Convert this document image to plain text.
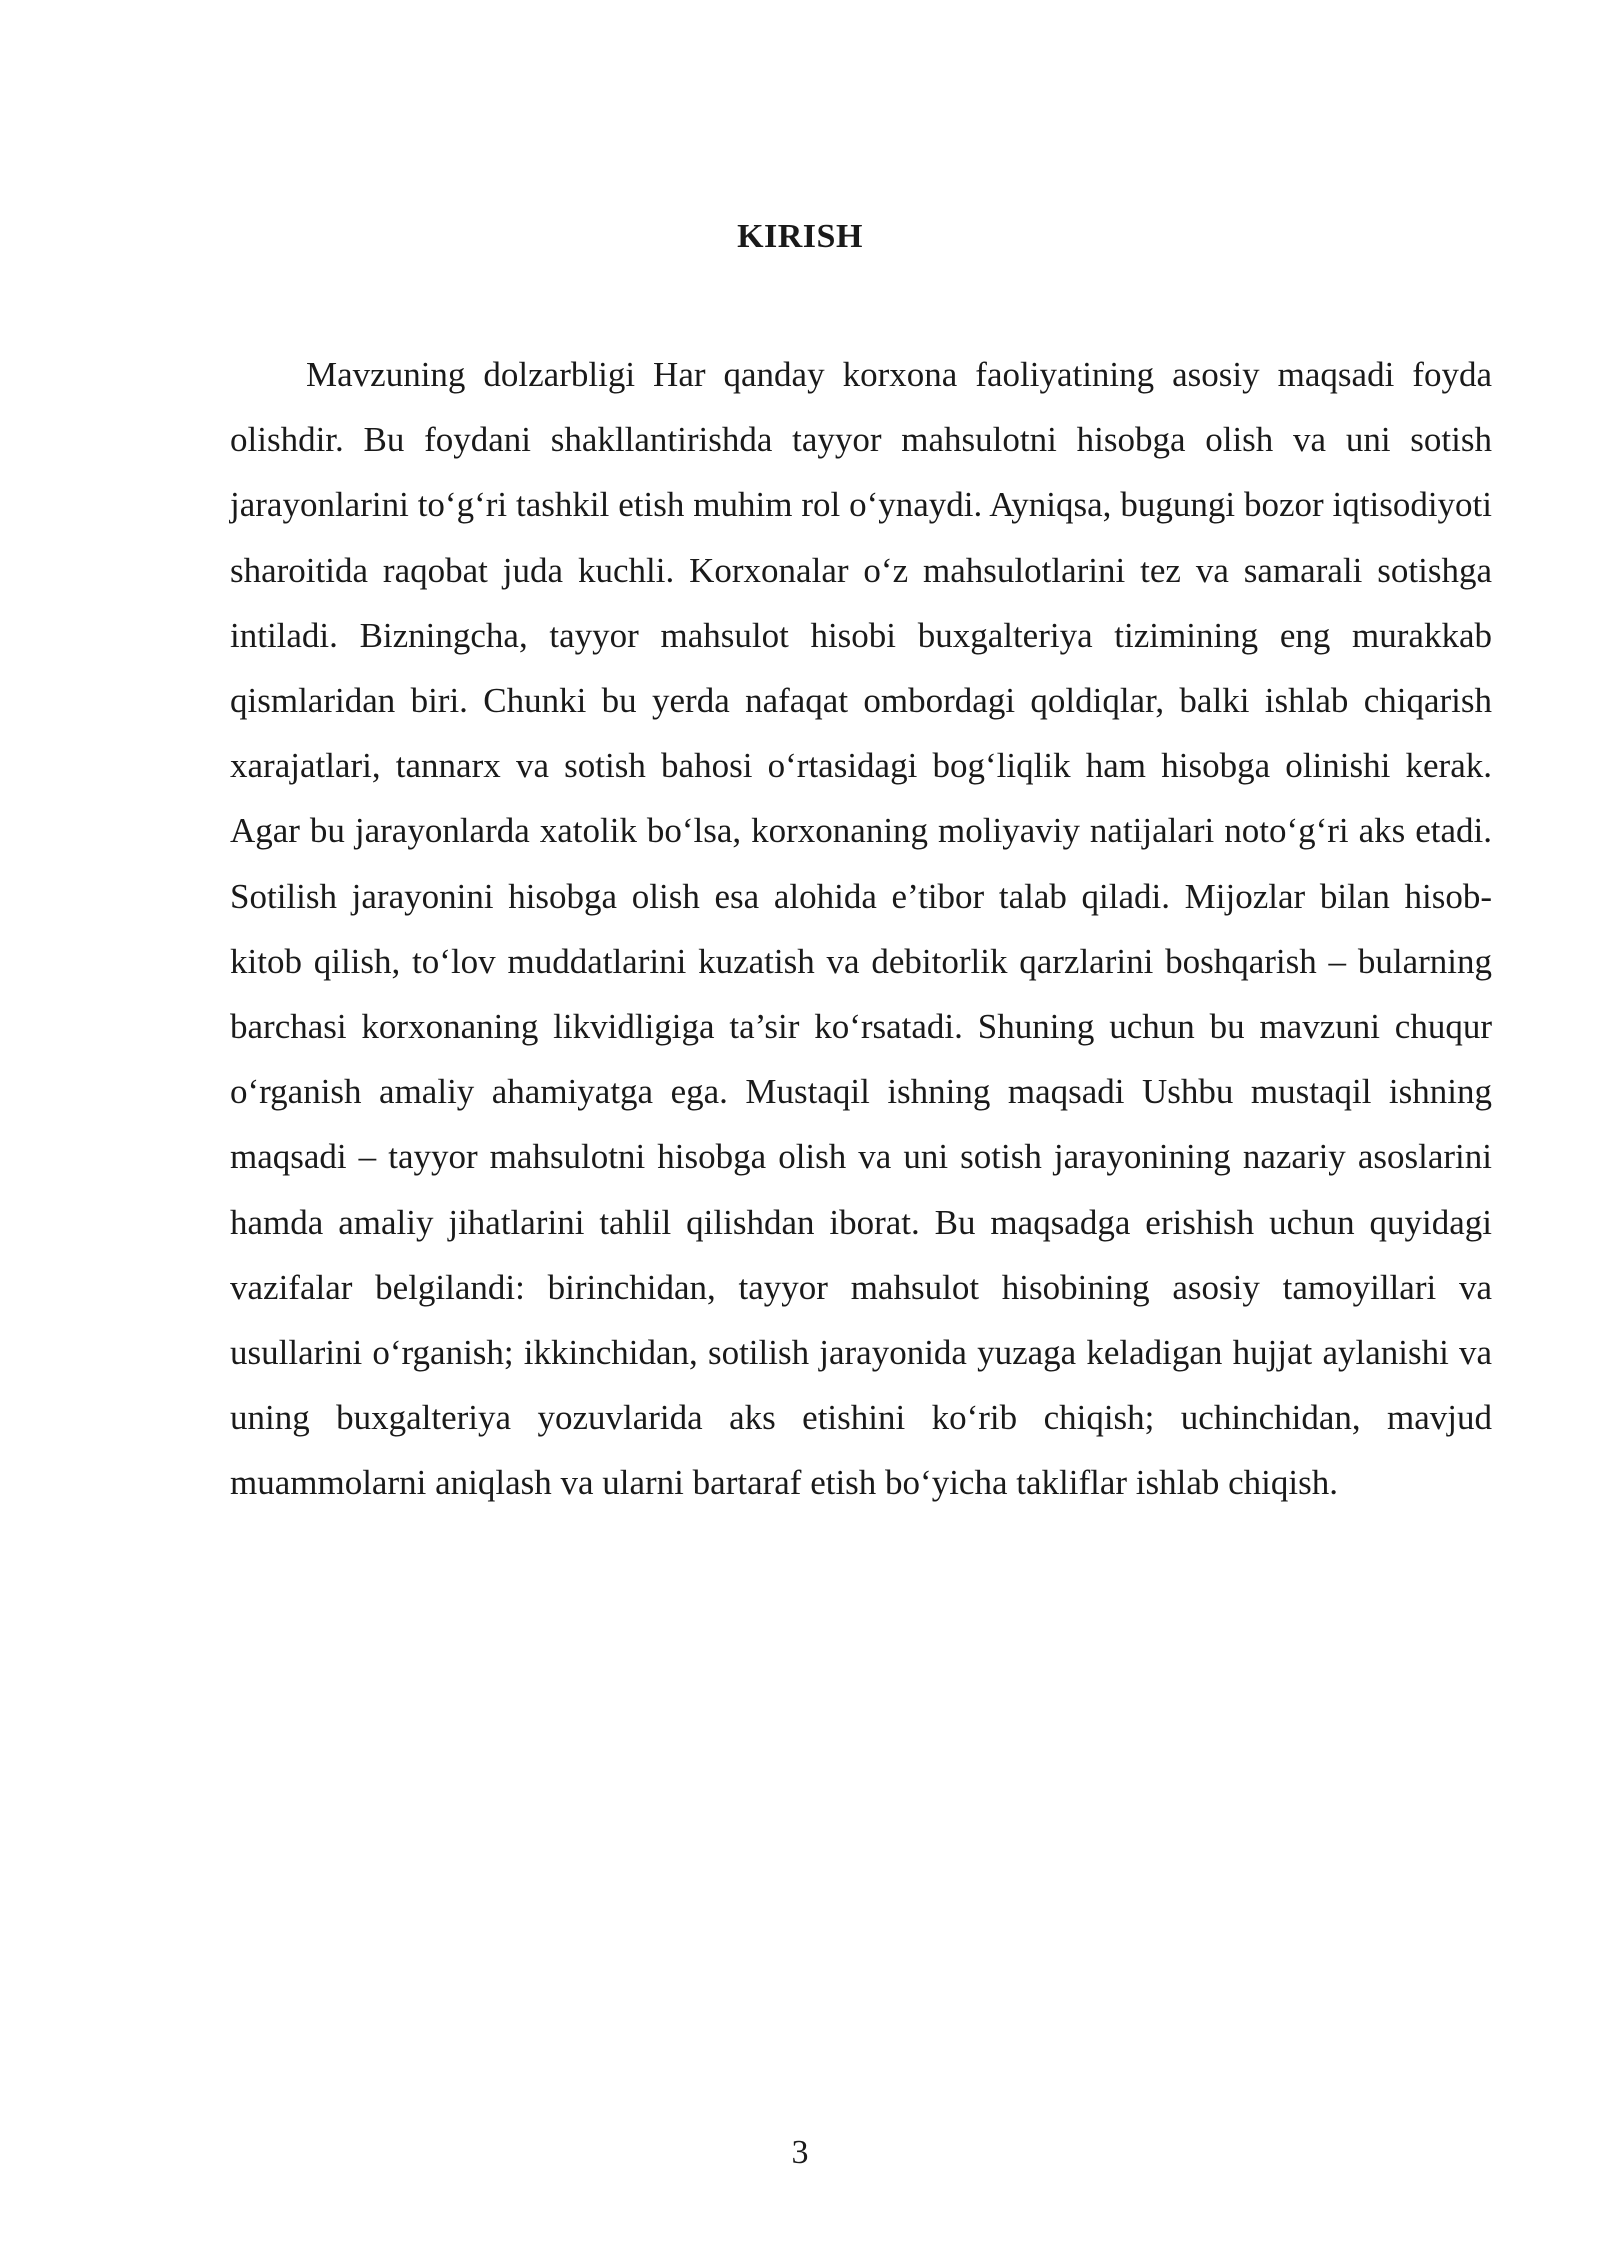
KIRISH

Mavzuning dolzarbligi Har qanday korxona faoliyatining asosiy maqsadi foyda olishdir. Bu foydani shakllantirishda tayyor mahsulotni hisobga olish va uni sotish jarayonlarini to‘g‘ri tashkil etish muhim rol o‘ynaydi. Ayniqsa, bugungi bozor iqtisodiyoti sharoitida raqobat juda kuchli. Korxonalar o‘z mahsulotlarini tez va samarali sotishga intiladi. Bizningcha, tayyor mahsulot hisobi buxgalteriya tizimining eng murakkab qismlaridan biri. Chunki bu yerda nafaqat ombordagi qoldiqlar, balki ishlab chiqarish xarajatlari, tannarx va sotish bahosi o‘rtasidagi bog‘liqlik ham hisobga olinishi kerak. Agar bu jarayonlarda xatolik bo‘lsa, korxonaning moliyaviy natijalari noto‘g‘ri aks etadi. Sotilish jarayonini hisobga olish esa alohida e’tibor talab qiladi. Mijozlar bilan hisob-kitob qilish, to‘lov muddatlarini kuzatish va debitorlik qarzlarini boshqarish – bularning barchasi korxonaning likvidligiga ta’sir ko‘rsatadi. Shuning uchun bu mavzuni chuqur o‘rganish amaliy ahamiyatga ega. Mustaqil ishning maqsadi Ushbu mustaqil ishning maqsadi – tayyor mahsulotni hisobga olish va uni sotish jarayonining nazariy asoslarini hamda amaliy jihatlarini tahlil qilishdan iborat. Bu maqsadga erishish uchun quyidagi vazifalar belgilandi: birinchidan, tayyor mahsulot hisobining asosiy tamoyillari va usullarini o‘rganish; ikkinchidan, sotilish jarayonida yuzaga keladigan hujjat aylanishi va uning buxgalteriya yozuvlarida aks etishini ko‘rib chiqish; uchinchidan, mavjud muammolarni aniqlash va ularni bartaraf etish bo‘yicha takliflar ishlab chiqish.

3
